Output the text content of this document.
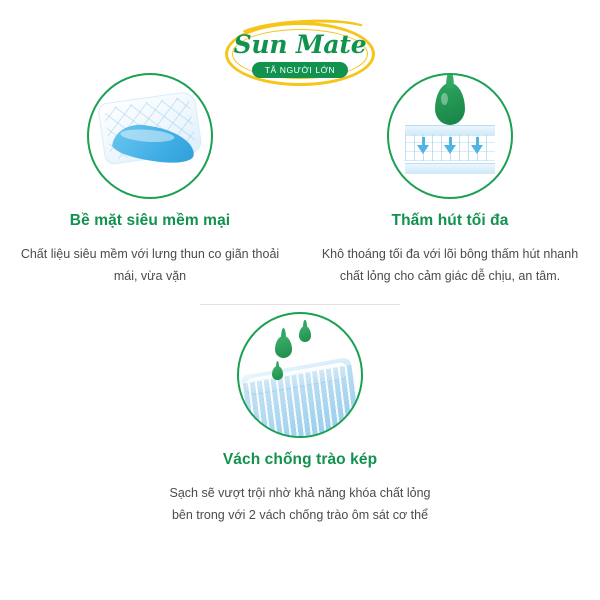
Sun Mate
TÃ NGƯỜI LỚN
Bề mặt siêu mềm mại
Chất liệu siêu mềm với lưng thun co giãn thoải mái, vừa vặn
Thấm hút tối đa
Khô thoáng tối đa với lõi bông thấm hút nhanh chất lỏng cho cảm giác dễ chịu, an tâm.
Vách chống trào kép
Sạch sẽ vượt trội nhờ khả năng khóa chất lỏng bên trong với 2 vách chống trào ôm sát cơ thể
